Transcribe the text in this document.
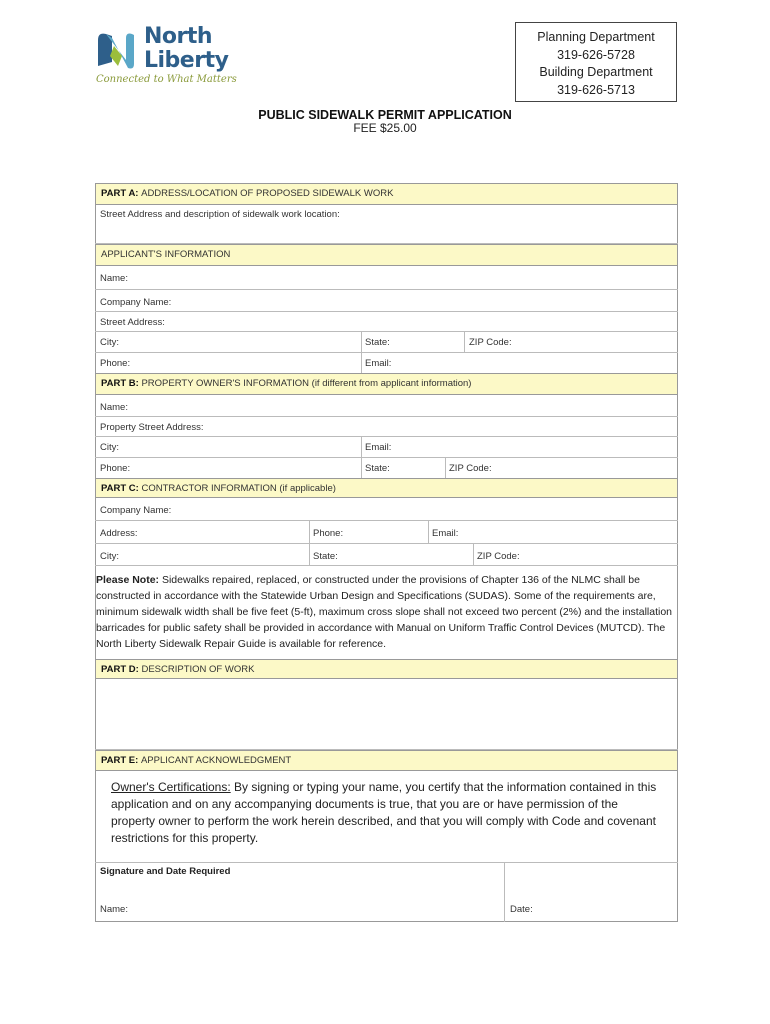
North
Liberty
Connected to What Matters
Planning Department
319-626-5728
Building Department
319-626-5713
PUBLIC SIDEWALK PERMIT APPLICATION
FEE $25.00
PART A: ADDRESS/LOCATION OF PROPOSED SIDEWALK WORK
Street Address and description of sidewalk work location:
APPLICANT'S INFORMATION
Name:
Company Name:
Street Address:
City:	State:	ZIP Code:
Phone:	Email:
PART B: PROPERTY OWNER'S INFORMATION (if different from applicant information)
Name:
Property Street Address:
City:	Email:
Phone:	State:	ZIP Code:
PART C: CONTRACTOR INFORMATION (if applicable)
Company Name:
Address:	Phone:	Email:
City:	State:	ZIP Code:
Please Note: Sidewalks repaired, replaced, or constructed under the provisions of Chapter 136 of the NLMC shall be constructed in accordance with the Statewide Urban Design and Specifications (SUDAS). Some of the requirements are, minimum sidewalk width shall be five feet (5-ft), maximum cross slope shall not exceed two percent (2%) and the installation barricades for public safety shall be provided in accordance with Manual on Uniform Traffic Control Devices (MUTCD). The North Liberty Sidewalk Repair Guide is available for reference.
PART D: DESCRIPTION OF WORK
PART E: APPLICANT ACKNOWLEDGMENT
Owner's Certifications: By signing or typing your name, you certify that the information contained in this application and on any accompanying documents is true, that you are or have permission of the property owner to perform the work herein described, and that you will comply with Code and covenant restrictions for this property.
Signature and Date Required
Name:	Date:
